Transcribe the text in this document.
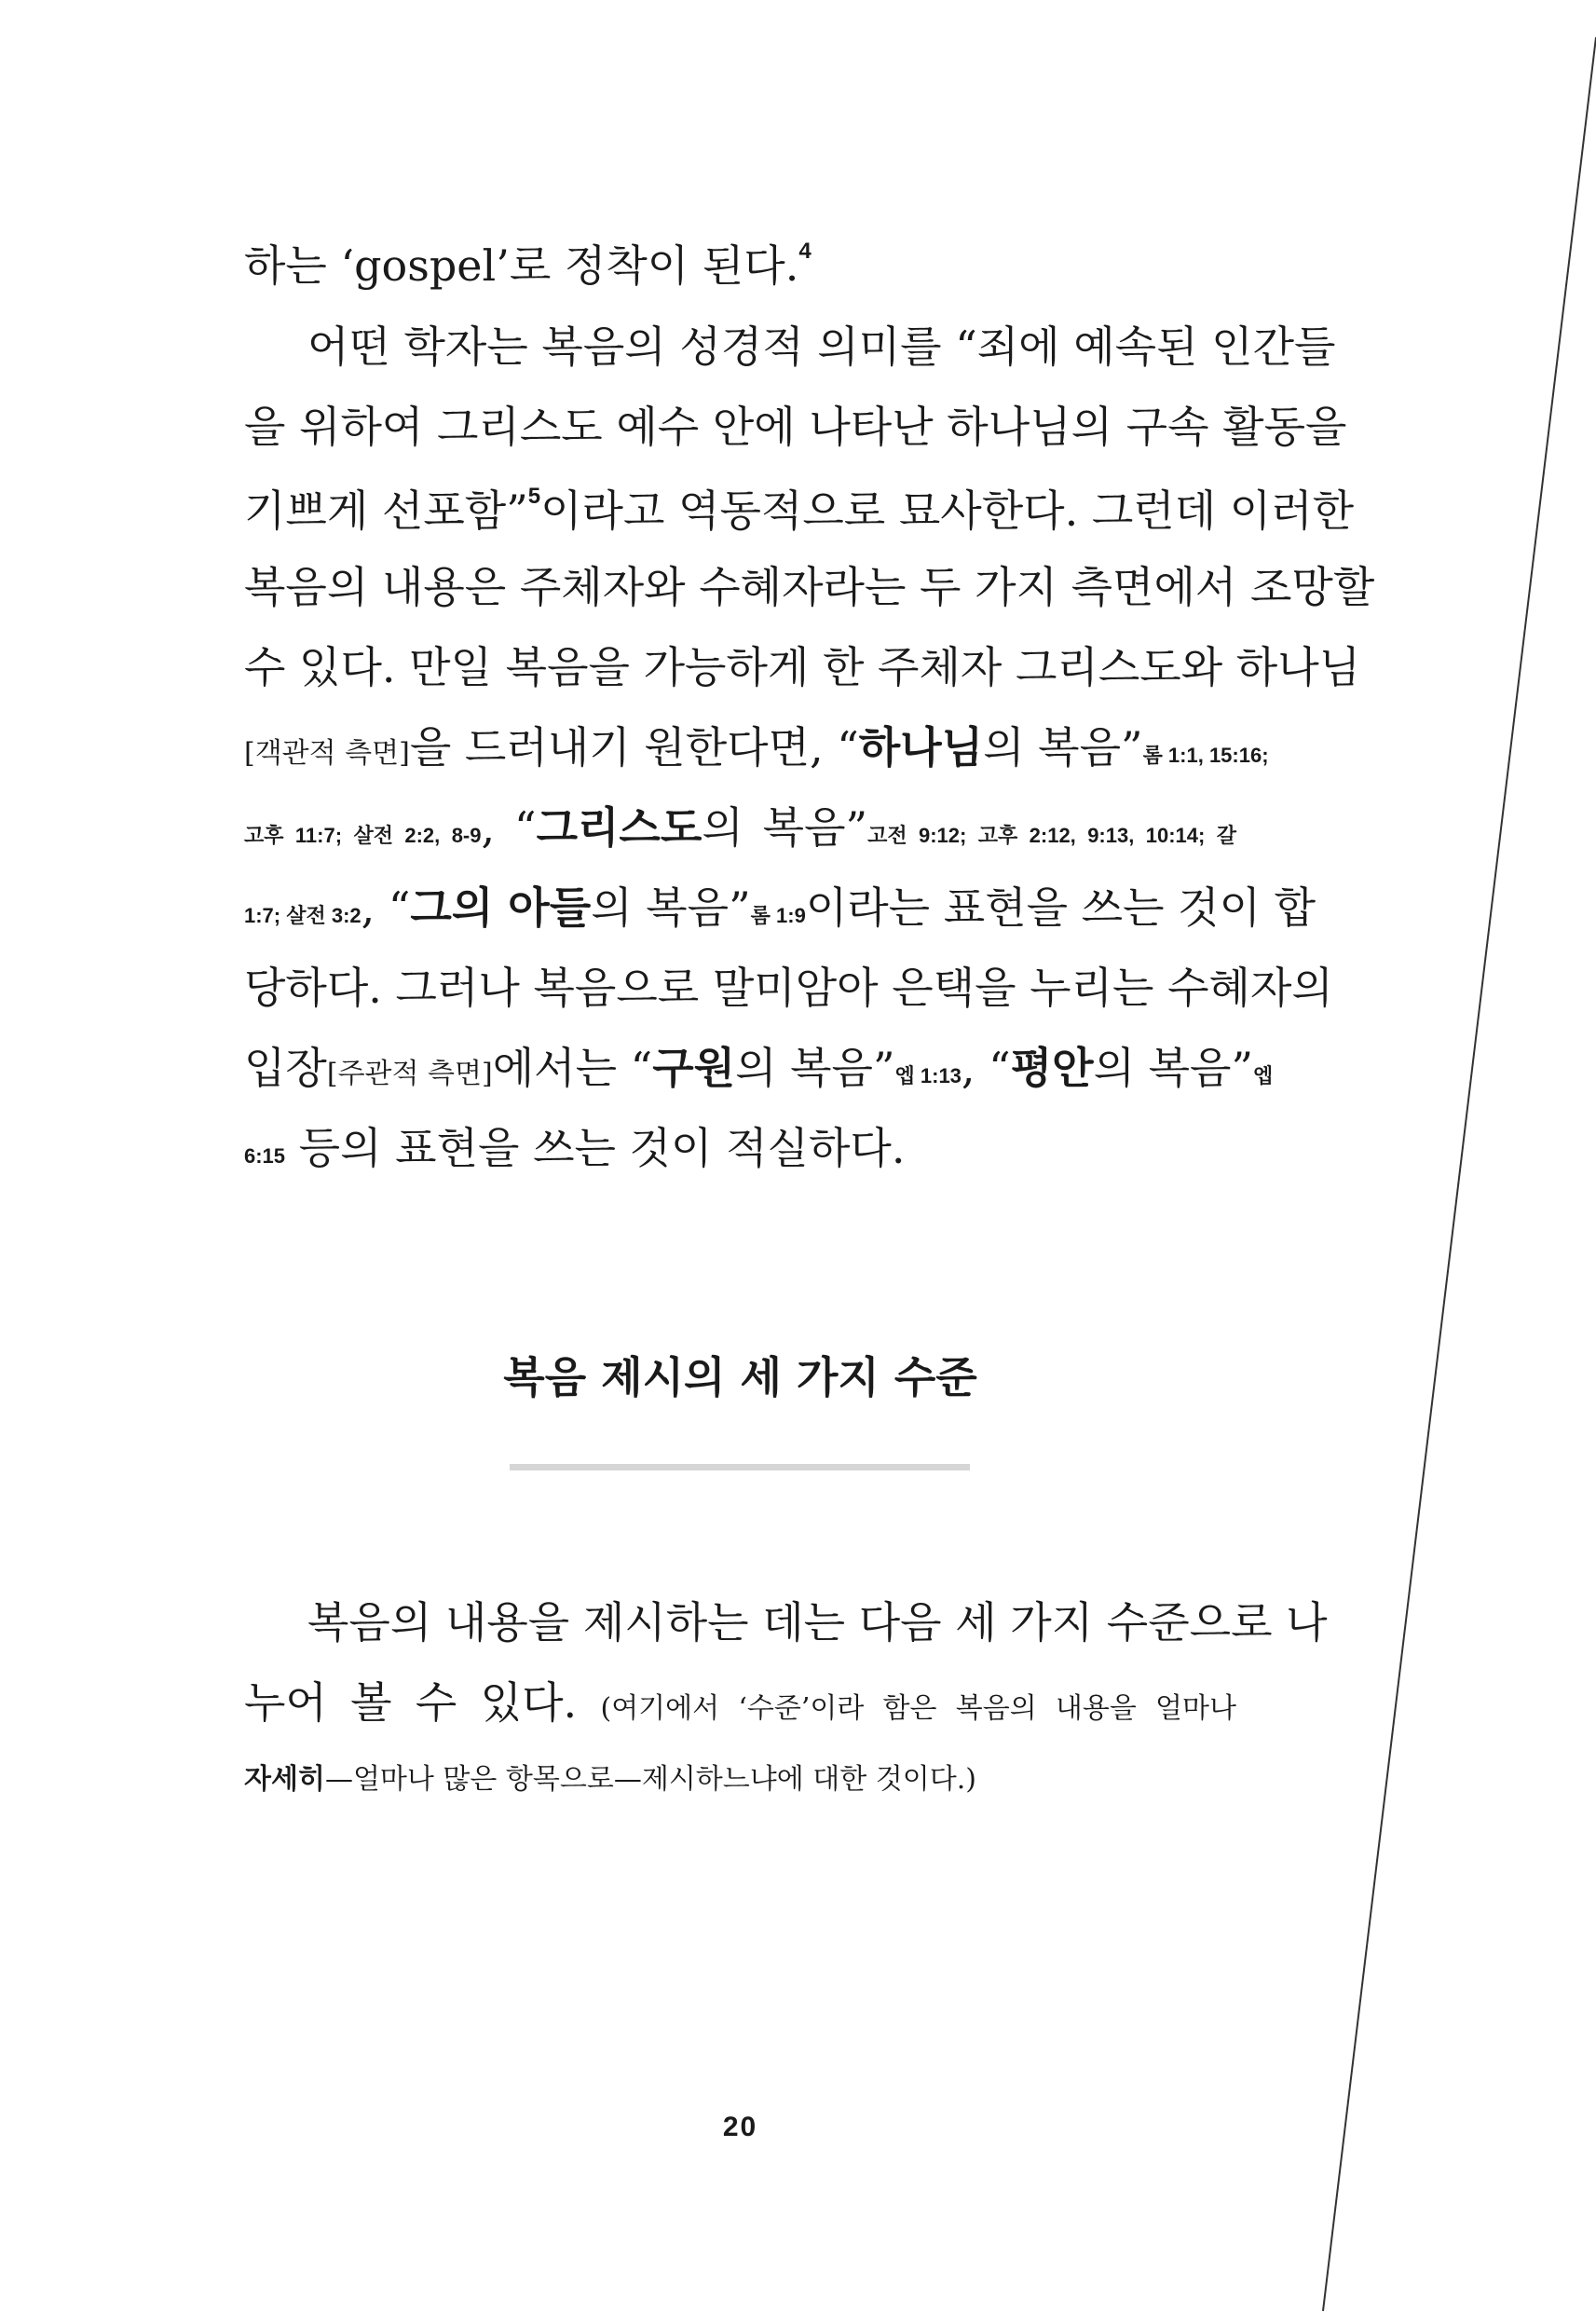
하는 ‘gospel’로 정착이 된다.$^4$
어떤 학자는 복음의 성경적 의미를 “죄에 예속된 인간들
을 위하여 그리스도 예수 안에 나타난 하나님의 구속 활동을
기쁘게 선포함”$^5$이라고 역동적으로 묘사한다. 그런데 이러한
복음의 내용은 주체자와 수혜자라는 두 가지 측면에서 조망할
수 있다. 만일 복음을 가능하게 한 주체자 그리스도와 하나님
[객관적 측면]을 드러내기 원한다면, “하나님의 복음”롬 1:1, 15:16;
고후 11:7; 살전 2:2, 8-9, “그리스도의 복음”고전 9:12; 고후 2:12, 9:13, 10:14; 갈
1:7; 살전 3:2, “그의 아들의 복음”롬 1:9이라는 표현을 쓰는 것이 합
당하다. 그러나 복음으로 말미암아 은택을 누리는 수혜자의
입장[주관적 측면]에서는 “구원의 복음”엡 1:13, “평안의 복음”엡
6:15 등의 표현을 쓰는 것이 적실하다.
복음 제시의 세 가지 수준
복음의 내용을 제시하는 데는 다음 세 가지 수준으로 나
누어 볼 수 있다. (여기에서 ‘수준’이라 함은 복음의 내용을 얼마나
자세히—얼마나 많은 항목으로—제시하느냐에 대한 것이다.)
20
